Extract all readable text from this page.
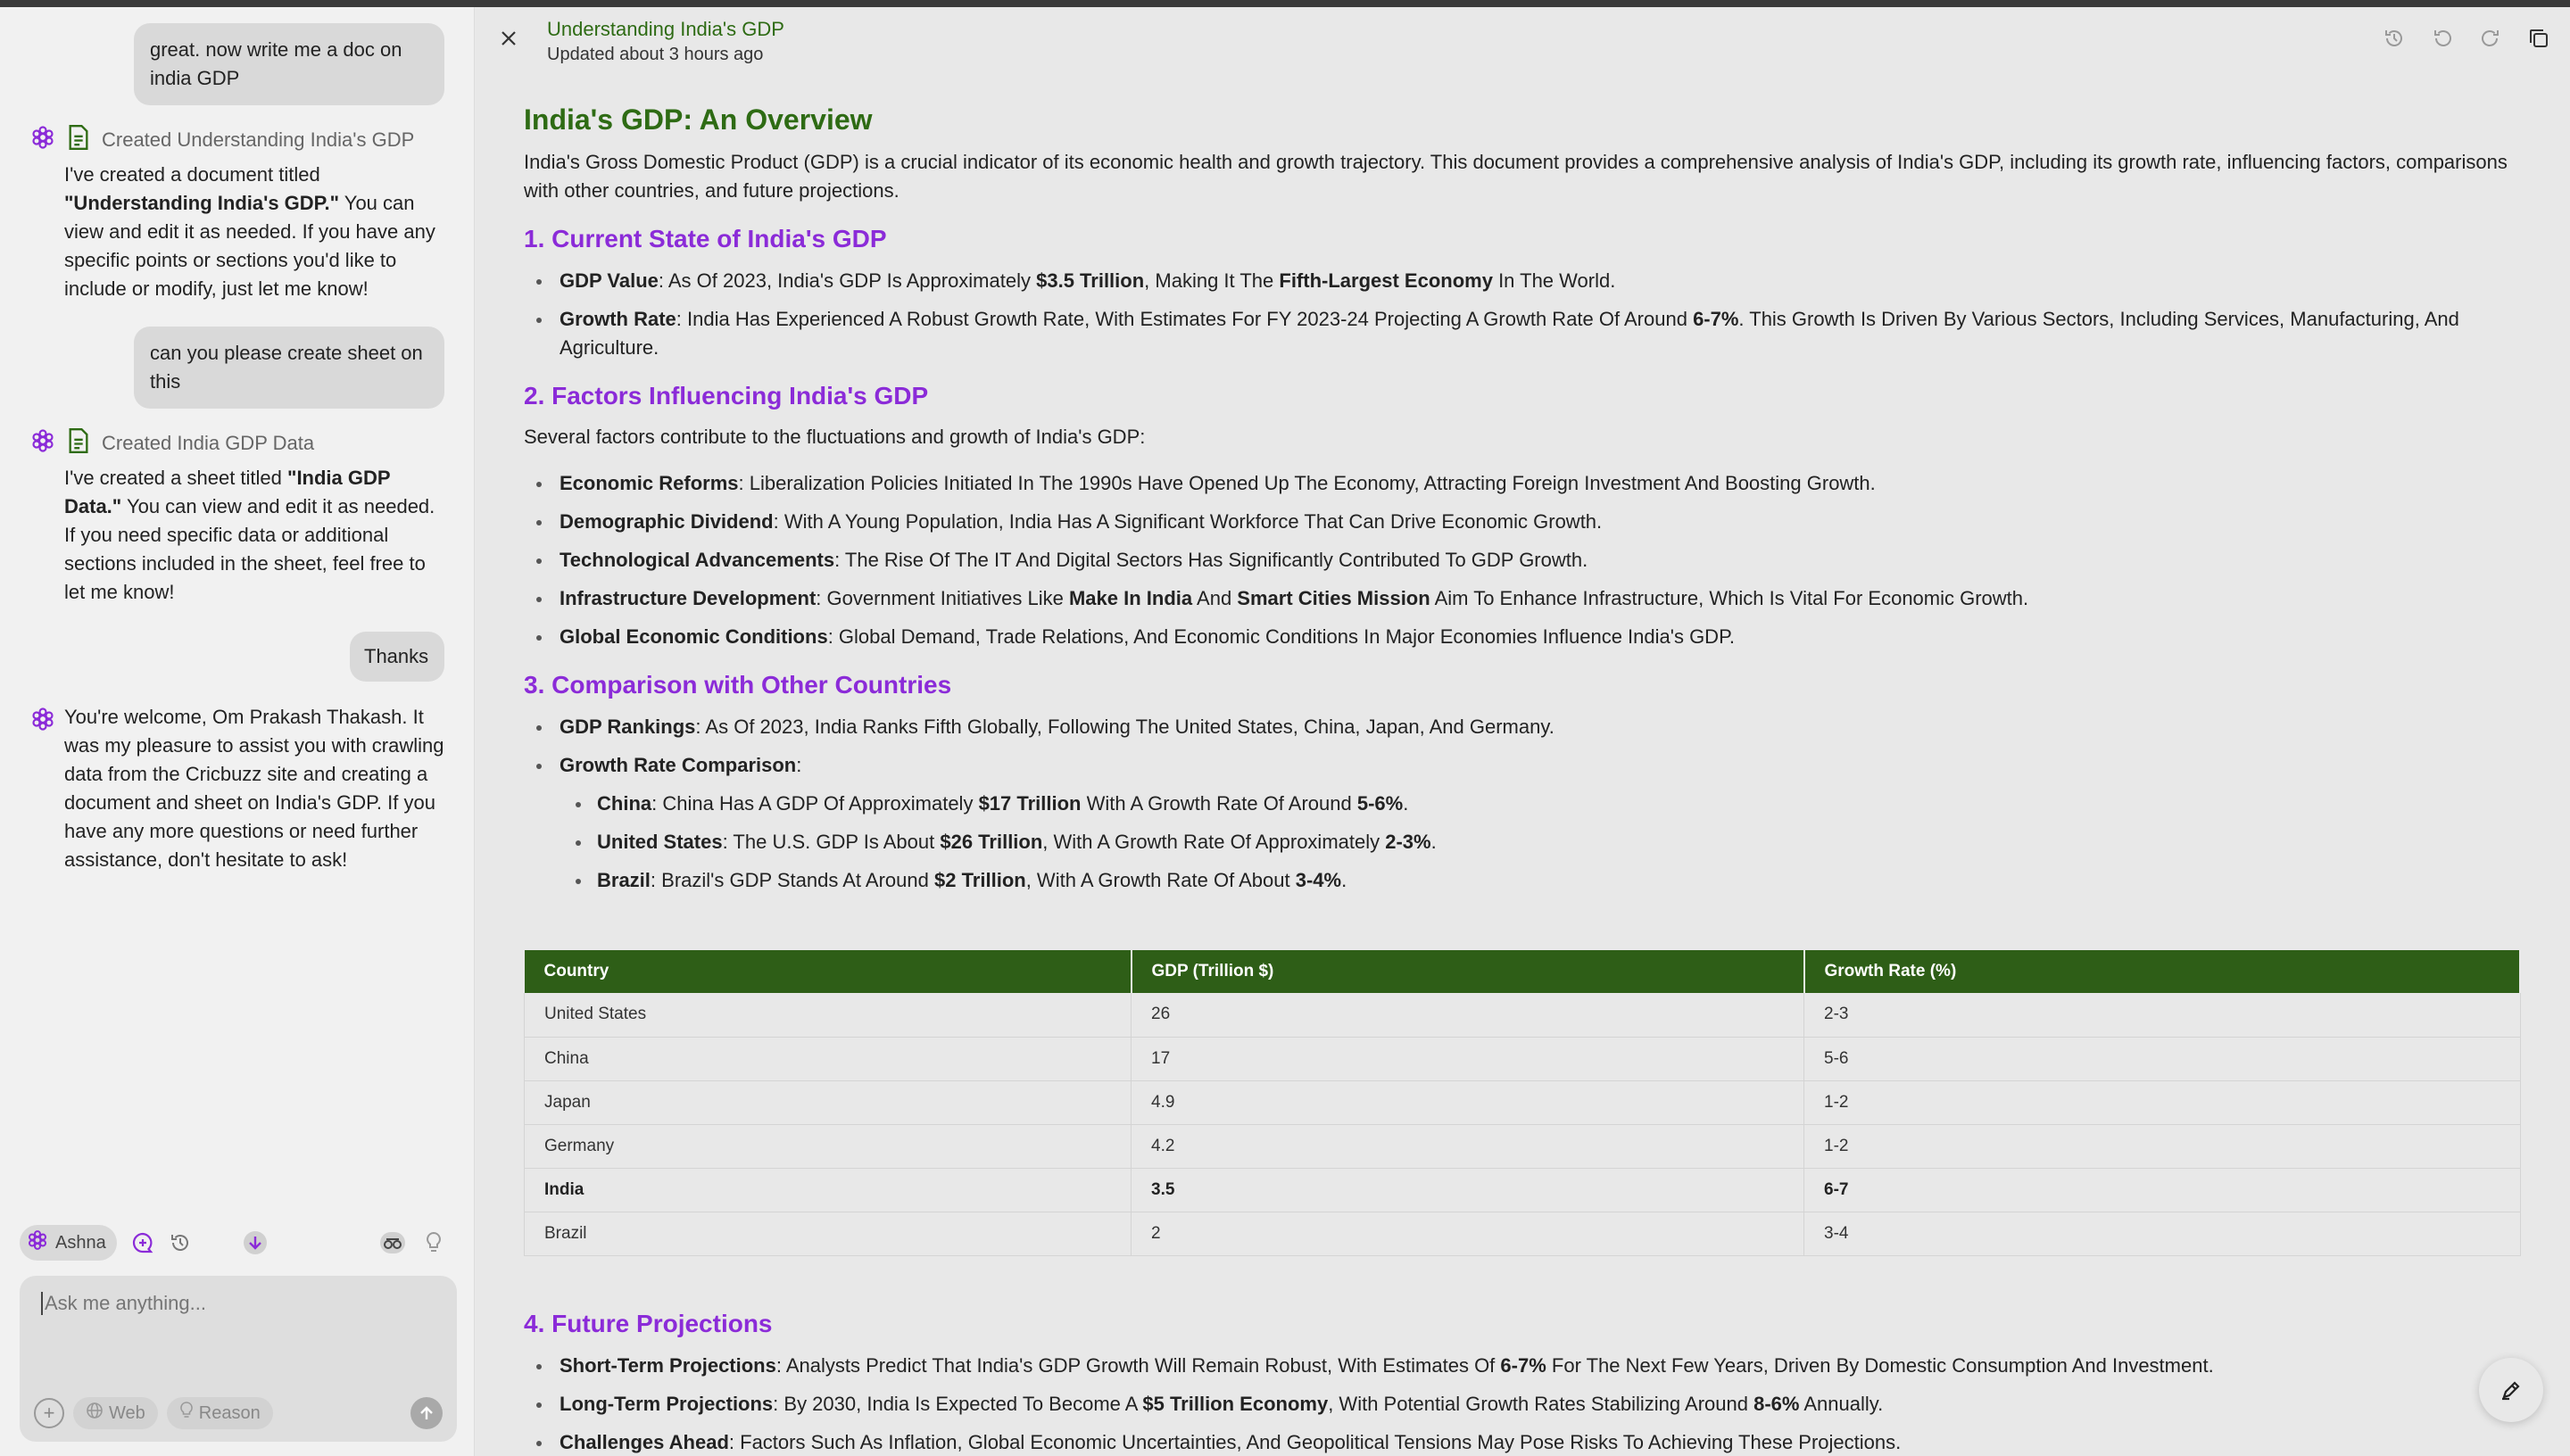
great. now write me a doc on india GDP
Created Understanding India's GDP
I've created a document titled "Understanding India's GDP." You can view and edit it as needed. If you have any specific points or sections you'd like to include or modify, just let me know!
can you please create sheet on this
Created India GDP Data
I've created a sheet titled "India GDP Data." You can view and edit it as needed. If you need specific data or additional sections included in the sheet, feel free to let me know!
Thanks
You're welcome, Om Prakash Thakash. It was my pleasure to assist you with crawling data from the Cricbuzz site and creating a document and sheet on India's GDP. If you have any more questions or need further assistance, don't hesitate to ask!
Ashna
Ask me anything...
+	Web	Reason
Understanding India's GDP
Updated about 3 hours ago
India's GDP: An Overview

India's Gross Domestic Product (GDP) is a crucial indicator of its economic health and growth trajectory. This document provides a comprehensive analysis of India's GDP, including its growth rate, influencing factors, comparisons with other countries, and future projections.

1. Current State of India's GDP
GDP Value: As Of 2023, India's GDP Is Approximately $3.5 Trillion, Making It The Fifth-Largest Economy In The World.
Growth Rate: India Has Experienced A Robust Growth Rate, With Estimates For FY 2023-24 Projecting A Growth Rate Of Around 6-7%. This Growth Is Driven By Various Sectors, Including Services, Manufacturing, And Agriculture.
2. Factors Influencing India's GDP

Several factors contribute to the fluctuations and growth of India's GDP:

Economic Reforms: Liberalization Policies Initiated In The 1990s Have Opened Up The Economy, Attracting Foreign Investment And Boosting Growth.
Demographic Dividend: With A Young Population, India Has A Significant Workforce That Can Drive Economic Growth.
Technological Advancements: The Rise Of The IT And Digital Sectors Has Significantly Contributed To GDP Growth.
Infrastructure Development: Government Initiatives Like Make In India And Smart Cities Mission Aim To Enhance Infrastructure, Which Is Vital For Economic Growth.
Global Economic Conditions: Global Demand, Trade Relations, And Economic Conditions In Major Economies Influence India's GDP.
3. Comparison with Other Countries
GDP Rankings: As Of 2023, India Ranks Fifth Globally, Following The United States, China, Japan, And Germany.
Growth Rate Comparison:
China: China Has A GDP Of Approximately $17 Trillion With A Growth Rate Of Around 5-6%.
United States: The U.S. GDP Is About $26 Trillion, With A Growth Rate Of Approximately 2-3%.
Brazil: Brazil's GDP Stands At Around $2 Trillion, With A Growth Rate Of About 3-4%.
Country	GDP (Trillion $)	Growth Rate (%)
United States	26	2-3
China	17	5-6
Japan	4.9	1-2
Germany	4.2	1-2
India	3.5	6-7
Brazil	2	3-4
4. Future Projections
Short-Term Projections: Analysts Predict That India's GDP Growth Will Remain Robust, With Estimates Of 6-7% For The Next Few Years, Driven By Domestic Consumption And Investment.
Long-Term Projections: By 2030, India Is Expected To Become A $5 Trillion Economy, With Potential Growth Rates Stabilizing Around 8-6% Annually.
Challenges Ahead: Factors Such As Inflation, Global Economic Uncertainties, And Geopolitical Tensions May Pose Risks To Achieving These Projections.
